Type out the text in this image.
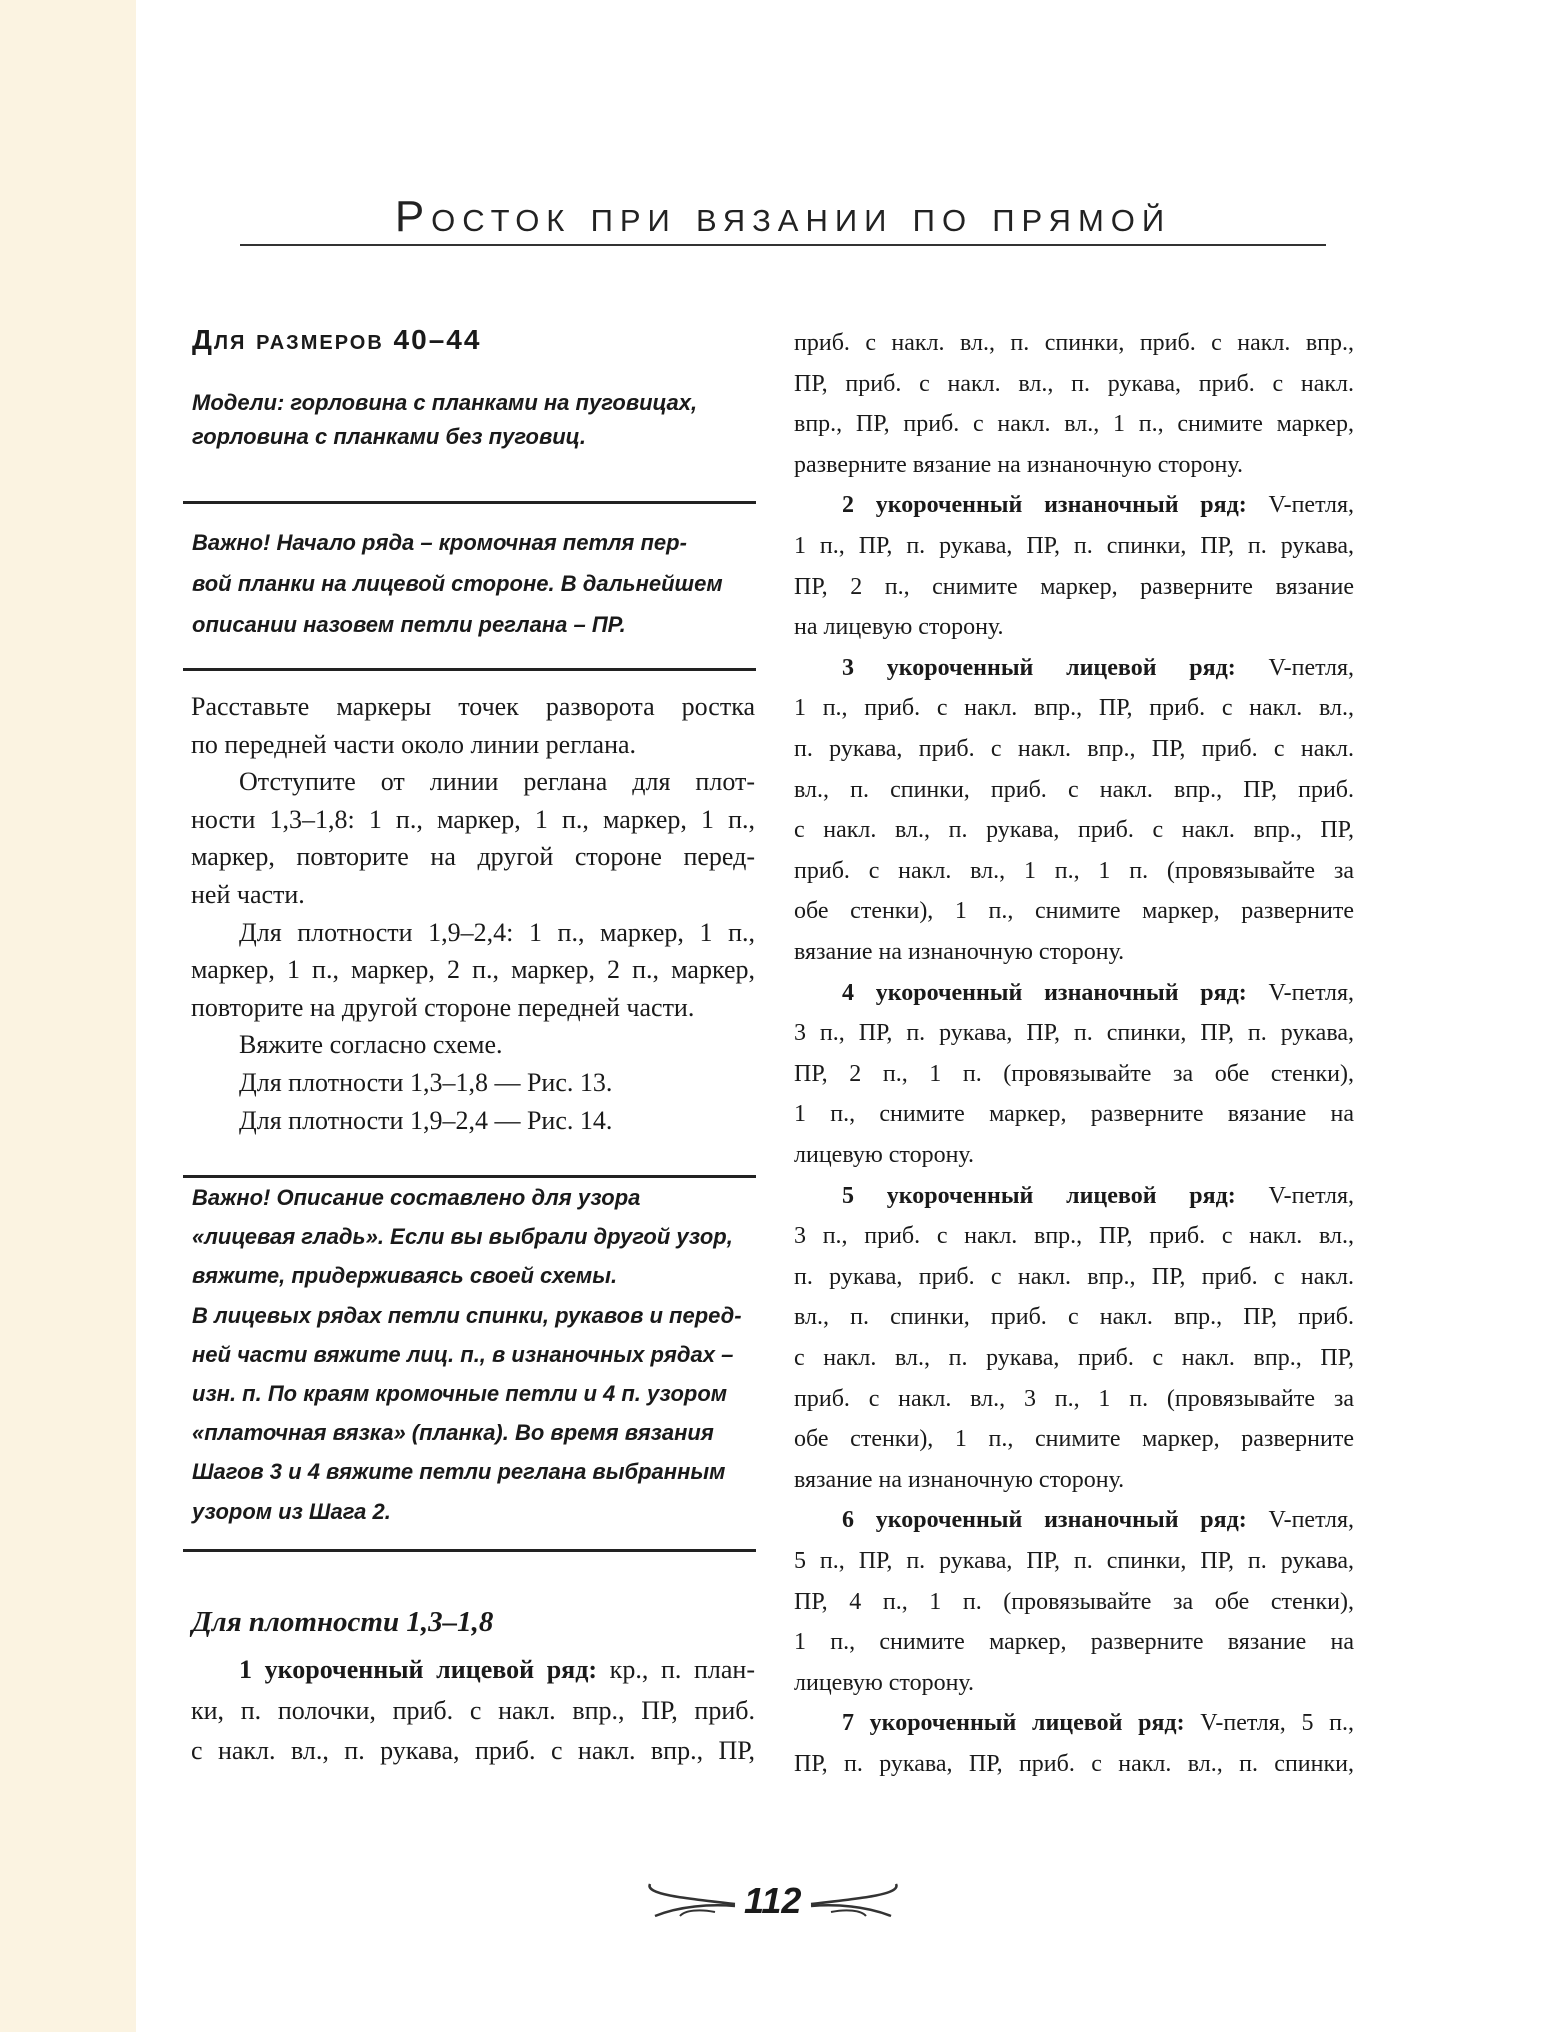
Росток при вязании по прямой
Для размеров 40–44
Модели: горловина с планками на пуговицах,
горловина с планками без пуговиц.
Важно! Начало ряда – кромочная петля пер-
вой планки на лицевой стороне. В дальнейшем
описании назовем петли реглана – ПР.
Расставьте маркеры точек разворота ростка
по передней части около линии реглана.
Отступите от линии реглана для плот-
ности 1,3–1,8: 1 п., маркер, 1 п., маркер, 1 п.,
маркер, повторите на другой стороне перед-
ней части.
Для плотности 1,9–2,4: 1 п., маркер, 1 п.,
маркер, 1 п., маркер, 2 п., маркер, 2 п., маркер,
повторите на другой стороне передней части.
Вяжите согласно схеме.
Для плотности 1,3–1,8 — Рис. 13.
Для плотности 1,9–2,4 — Рис. 14.
Важно! Описание составлено для узора
«лицевая гладь». Если вы выбрали другой узор,
вяжите, придерживаясь своей схемы.
В лицевых рядах петли спинки, рукавов и перед-
ней части вяжите лиц. п., в изнаночных рядах –
изн. п. По краям кромочные петли и 4 п. узором
«платочная вязка» (планка). Во время вязания
Шагов 3 и 4 вяжите петли реглана выбранным
узором из Шага 2.
Для плотности 1,3–1,8
1 укороченный лицевой ряд: кр., п. план-
ки, п. полочки, приб. с накл. впр., ПР, приб.
с накл. вл., п. рукава, приб. с накл. впр., ПР,
приб. с накл. вл., п. спинки, приб. с накл. впр.,
ПР, приб. с накл. вл., п. рукава, приб. с накл.
впр., ПР, приб. с накл. вл., 1 п., снимите маркер,
разверните вязание на изнаночную сторону.
2 укороченный изнаночный ряд: V-петля,
1 п., ПР, п. рукава, ПР, п. спинки, ПР, п. рукава,
ПР, 2 п., снимите маркер, разверните вязание
на лицевую сторону.
3 укороченный лицевой ряд: V-петля,
1 п., приб. с накл. впр., ПР, приб. с накл. вл.,
п. рукава, приб. с накл. впр., ПР, приб. с накл.
вл., п. спинки, приб. с накл. впр., ПР, приб.
с накл. вл., п. рукава, приб. с накл. впр., ПР,
приб. с накл. вл., 1 п., 1 п. (провязывайте за
обе стенки), 1 п., снимите маркер, разверните
вязание на изнаночную сторону.
4 укороченный изнаночный ряд: V-петля,
3 п., ПР, п. рукава, ПР, п. спинки, ПР, п. рукава,
ПР, 2 п., 1 п. (провязывайте за обе стенки),
1 п., снимите маркер, разверните вязание на
лицевую сторону.
5 укороченный лицевой ряд: V-петля,
3 п., приб. с накл. впр., ПР, приб. с накл. вл.,
п. рукава, приб. с накл. впр., ПР, приб. с накл.
вл., п. спинки, приб. с накл. впр., ПР, приб.
с накл. вл., п. рукава, приб. с накл. впр., ПР,
приб. с накл. вл., 3 п., 1 п. (провязывайте за
обе стенки), 1 п., снимите маркер, разверните
вязание на изнаночную сторону.
6 укороченный изнаночный ряд: V-петля,
5 п., ПР, п. рукава, ПР, п. спинки, ПР, п. рукава,
ПР, 4 п., 1 п. (провязывайте за обе стенки),
1 п., снимите маркер, разверните вязание на
лицевую сторону.
7 укороченный лицевой ряд: V-петля, 5 п.,
ПР, п. рукава, ПР, приб. с накл. вл., п. спинки,
112
